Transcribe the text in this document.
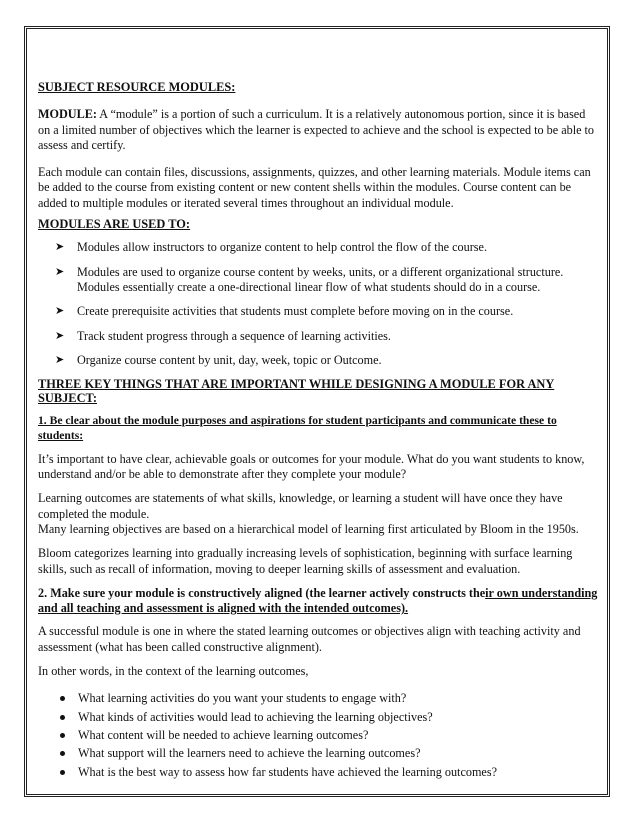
SUBJECT RESOURCE MODULES:

MODULE: A “module” is a portion of such a curriculum. It is a relatively autonomous portion, since it is based on a limited number of objectives which the learner is expected to achieve and the school is expected to be able to assess and certify.

Each module can contain files, discussions, assignments, quizzes, and other learning materials. Module items can be added to the course from existing content or new content shells within the modules. Course content can be added to multiple modules or iterated several times throughout an individual module.

MODULES ARE USED TO:

➤ Modules allow instructors to organize content to help control the flow of the course.
➤ Modules are used to organize course content by weeks, units, or a different organizational structure. Modules essentially create a one-directional linear flow of what students should do in a course.
➤ Create prerequisite activities that students must complete before moving on in the course.
➤ Track student progress through a sequence of learning activities.
➤ Organize course content by unit, day, week, topic or Outcome.

THREE KEY THINGS THAT ARE IMPORTANT WHILE DESIGNING A MODULE FOR ANY SUBJECT:

1. Be clear about the module purposes and aspirations for student participants and communicate these to students:

It’s important to have clear, achievable goals or outcomes for your module. What do you want students to know, understand and/or be able to demonstrate after they complete your module?

Learning outcomes are statements of what skills, knowledge, or learning a student will have once they have completed the module.

Many learning objectives are based on a hierarchical model of learning first articulated by Bloom in the 1950s.

Bloom categorizes learning into gradually increasing levels of sophistication, beginning with surface learning skills, such as recall of information, moving to deeper learning skills of assessment and evaluation.

2. Make sure your module is constructively aligned (the learner actively constructs their own understanding and all teaching and assessment is aligned with the intended outcomes).

A successful module is one in where the stated learning outcomes or objectives align with teaching activity and assessment (what has been called constructive alignment).

In other words, in the context of the learning outcomes,

What learning activities do you want your students to engage with?
What kinds of activities would lead to achieving the learning objectives?
What content will be needed to achieve learning outcomes?
What support will the learners need to achieve the learning outcomes?
What is the best way to assess how far students have achieved the learning outcomes?
